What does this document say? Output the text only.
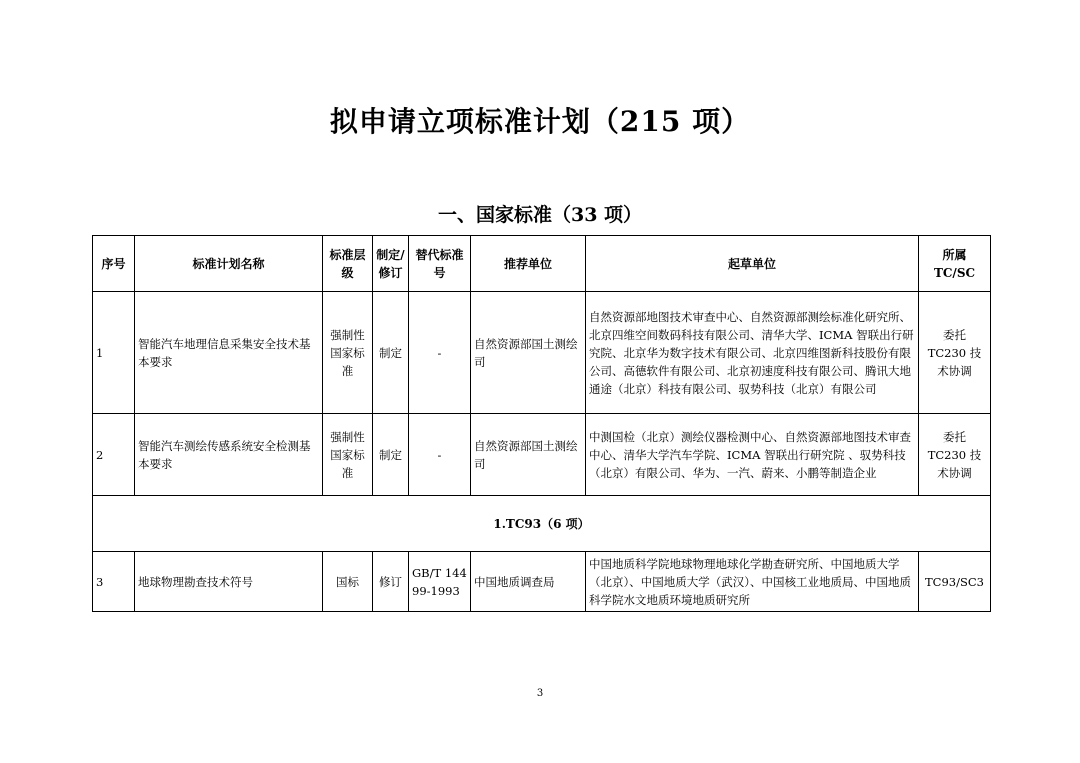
拟申请立项标准计划（215 项）
一、国家标准（33 项）
序号	标准计划名称	标准层级	制定/修订	替代标准号	推荐单位	起草单位	所属 TC/SC
1	智能汽车地理信息采集安全技术基本要求	强制性国家标准	制定	-	自然资源部国土测绘司	自然资源部地图技术审查中心、自然资源部测绘标准化研究所、北京四维空间数码科技有限公司、清华大学、ICMA 智联出行研究院、北京华为数字技术有限公司、北京四维图新科技股份有限公司、高德软件有限公司、北京初速度科技有限公司、腾讯大地通途（北京）科技有限公司、驭势科技（北京）有限公司	委托 TC230 技术协调
2	智能汽车测绘传感系统安全检测基本要求	强制性国家标准	制定	-	自然资源部国土测绘司	中测国检（北京）测绘仪器检测中心、自然资源部地图技术审查中心、清华大学汽车学院、ICMA 智联出行研究院 、驭势科技（北京）有限公司、华为、一汽、蔚来、小鹏等制造企业	委托 TC230 技术协调
1.TC93（6 项）							
3	地球物理勘查技术符号	国标	修订	GB/T 14499-1993	中国地质调查局	中国地质科学院地球物理地球化学勘查研究所、中国地质大学（北京）、中国地质大学（武汉）、中国核工业地质局、中国地质科学院水文地质环境地质研究所	TC93/SC3
3
